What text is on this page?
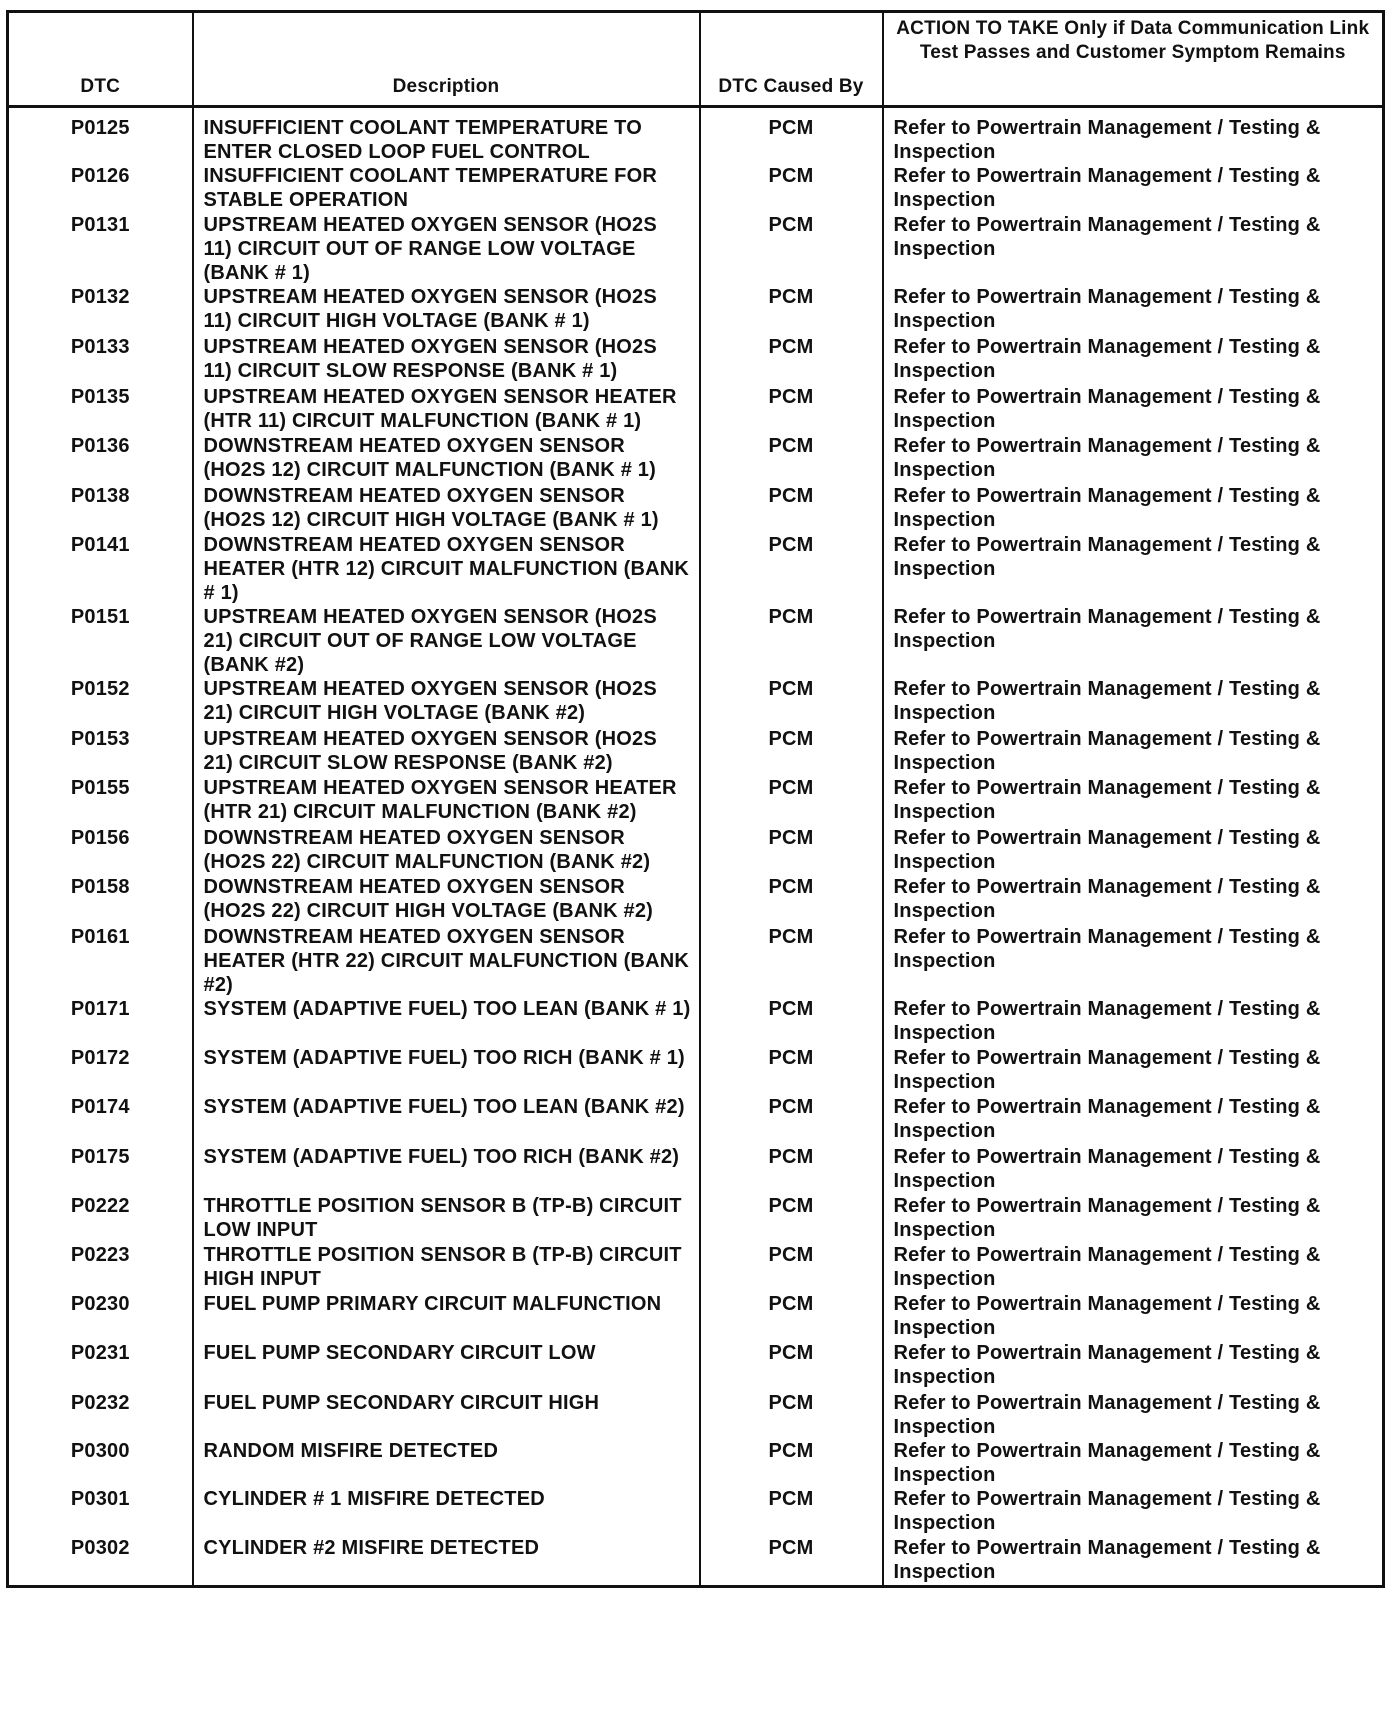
DTC	Description	DTC Caused By	ACTION TO TAKE Only if Data Communication Link Test Passes and Customer Symptom Remains
P0125	INSUFFICIENT COOLANT TEMPERATURE TO ENTER CLOSED LOOP FUEL CONTROL	PCM	Refer to Powertrain Management / Testing & Inspection
P0126	INSUFFICIENT COOLANT TEMPERATURE FOR STABLE OPERATION	PCM	Refer to Powertrain Management / Testing & Inspection
P0131	UPSTREAM HEATED OXYGEN SENSOR (HO2S 11) CIRCUIT OUT OF RANGE LOW VOLTAGE (BANK # 1)	PCM	Refer to Powertrain Management / Testing & Inspection
P0132	UPSTREAM HEATED OXYGEN SENSOR (HO2S 11) CIRCUIT HIGH VOLTAGE (BANK # 1)	PCM	Refer to Powertrain Management / Testing & Inspection
P0133	UPSTREAM HEATED OXYGEN SENSOR (HO2S 11) CIRCUIT SLOW RESPONSE (BANK # 1)	PCM	Refer to Powertrain Management / Testing & Inspection
P0135	UPSTREAM HEATED OXYGEN SENSOR HEATER (HTR 11) CIRCUIT MALFUNCTION (BANK # 1)	PCM	Refer to Powertrain Management / Testing & Inspection
P0136	DOWNSTREAM HEATED OXYGEN SENSOR (HO2S 12) CIRCUIT MALFUNCTION (BANK # 1)	PCM	Refer to Powertrain Management / Testing & Inspection
P0138	DOWNSTREAM HEATED OXYGEN SENSOR (HO2S 12) CIRCUIT HIGH VOLTAGE (BANK # 1)	PCM	Refer to Powertrain Management / Testing & Inspection
P0141	DOWNSTREAM HEATED OXYGEN SENSOR HEATER (HTR 12) CIRCUIT MALFUNCTION (BANK # 1)	PCM	Refer to Powertrain Management / Testing & Inspection
P0151	UPSTREAM HEATED OXYGEN SENSOR (HO2S 21) CIRCUIT OUT OF RANGE LOW VOLTAGE (BANK #2)	PCM	Refer to Powertrain Management / Testing & Inspection
P0152	UPSTREAM HEATED OXYGEN SENSOR (HO2S 21) CIRCUIT HIGH VOLTAGE (BANK #2)	PCM	Refer to Powertrain Management / Testing & Inspection
P0153	UPSTREAM HEATED OXYGEN SENSOR (HO2S 21) CIRCUIT SLOW RESPONSE (BANK #2)	PCM	Refer to Powertrain Management / Testing & Inspection
P0155	UPSTREAM HEATED OXYGEN SENSOR HEATER (HTR 21) CIRCUIT MALFUNCTION (BANK #2)	PCM	Refer to Powertrain Management / Testing & Inspection
P0156	DOWNSTREAM HEATED OXYGEN SENSOR (HO2S 22) CIRCUIT MALFUNCTION (BANK #2)	PCM	Refer to Powertrain Management / Testing & Inspection
P0158	DOWNSTREAM HEATED OXYGEN SENSOR (HO2S 22) CIRCUIT HIGH VOLTAGE (BANK #2)	PCM	Refer to Powertrain Management / Testing & Inspection
P0161	DOWNSTREAM HEATED OXYGEN SENSOR HEATER (HTR 22) CIRCUIT MALFUNCTION (BANK #2)	PCM	Refer to Powertrain Management / Testing & Inspection
P0171	SYSTEM (ADAPTIVE FUEL) TOO LEAN (BANK # 1)	PCM	Refer to Powertrain Management / Testing & Inspection
P0172	SYSTEM (ADAPTIVE FUEL) TOO RICH (BANK # 1)	PCM	Refer to Powertrain Management / Testing & Inspection
P0174	SYSTEM (ADAPTIVE FUEL) TOO LEAN (BANK #2)	PCM	Refer to Powertrain Management / Testing & Inspection
P0175	SYSTEM (ADAPTIVE FUEL) TOO RICH (BANK #2)	PCM	Refer to Powertrain Management / Testing & Inspection
P0222	THROTTLE POSITION SENSOR B (TP-B) CIRCUIT LOW INPUT	PCM	Refer to Powertrain Management / Testing & Inspection
P0223	THROTTLE POSITION SENSOR B (TP-B) CIRCUIT HIGH INPUT	PCM	Refer to Powertrain Management / Testing & Inspection
P0230	FUEL PUMP PRIMARY CIRCUIT MALFUNCTION	PCM	Refer to Powertrain Management / Testing & Inspection
P0231	FUEL PUMP SECONDARY CIRCUIT LOW	PCM	Refer to Powertrain Management / Testing & Inspection
P0232	FUEL PUMP SECONDARY CIRCUIT HIGH	PCM	Refer to Powertrain Management / Testing & Inspection
P0300	RANDOM MISFIRE DETECTED	PCM	Refer to Powertrain Management / Testing & Inspection
P0301	CYLINDER # 1 MISFIRE DETECTED	PCM	Refer to Powertrain Management / Testing & Inspection
P0302	CYLINDER #2 MISFIRE DETECTED	PCM	Refer to Powertrain Management / Testing & Inspection
